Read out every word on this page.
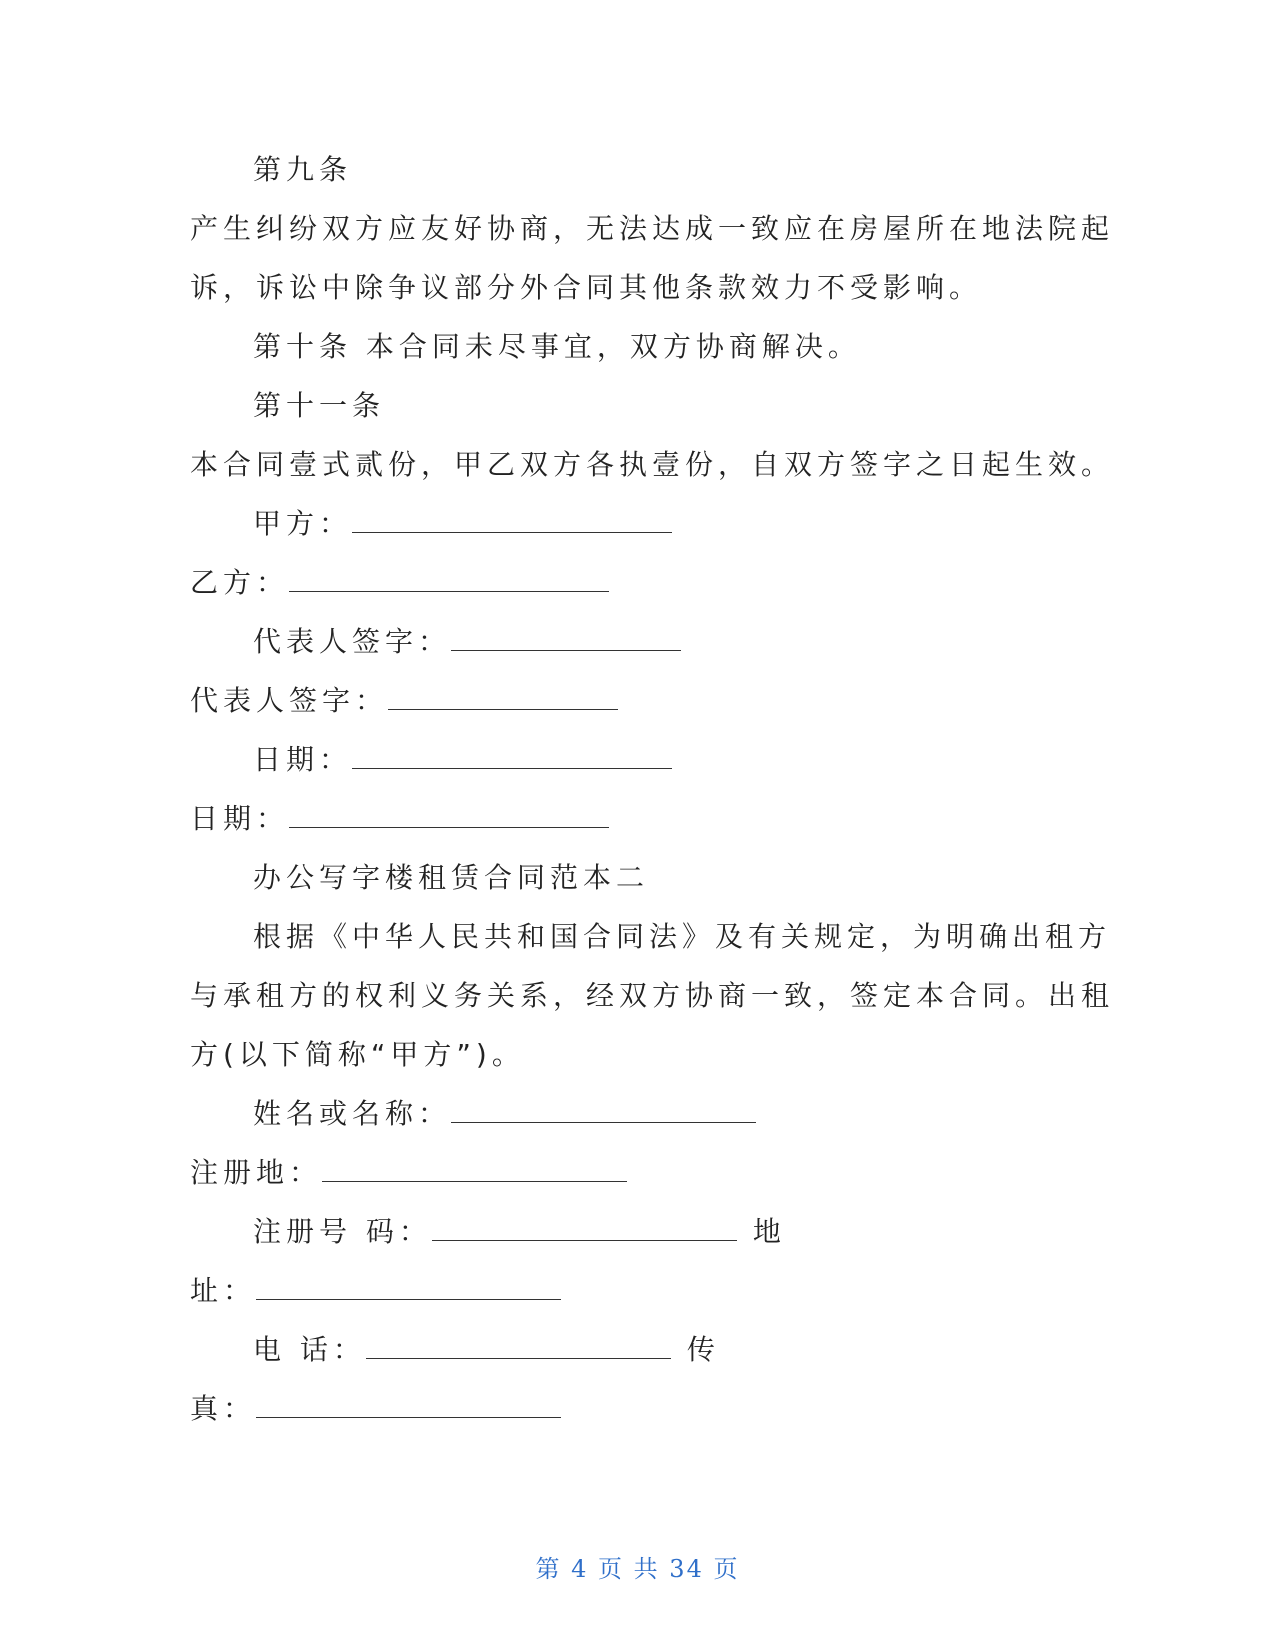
第九条
产生纠纷双方应友好协商，无法达成一致应在房屋所在地法院起
诉，诉讼中除争议部分外合同其他条款效力不受影响。
第十条 本合同未尽事宜，双方协商解决。
第十一条
本合同壹式贰份，甲乙双方各执壹份，自双方签字之日起生效。
甲方：
乙方：
代表人签字：
代表人签字：
日期：
日期：
办公写字楼租赁合同范本二
根据《中华人民共和国合同法》及有关规定，为明确出租方
与承租方的权利义务关系，经双方协商一致，签定本合同。出租
方(以下简称“甲方”)。
姓名或名称：
注册地：
注册号 码：	地
址：
电 话：	传
真：
第 4 页 共 34 页
